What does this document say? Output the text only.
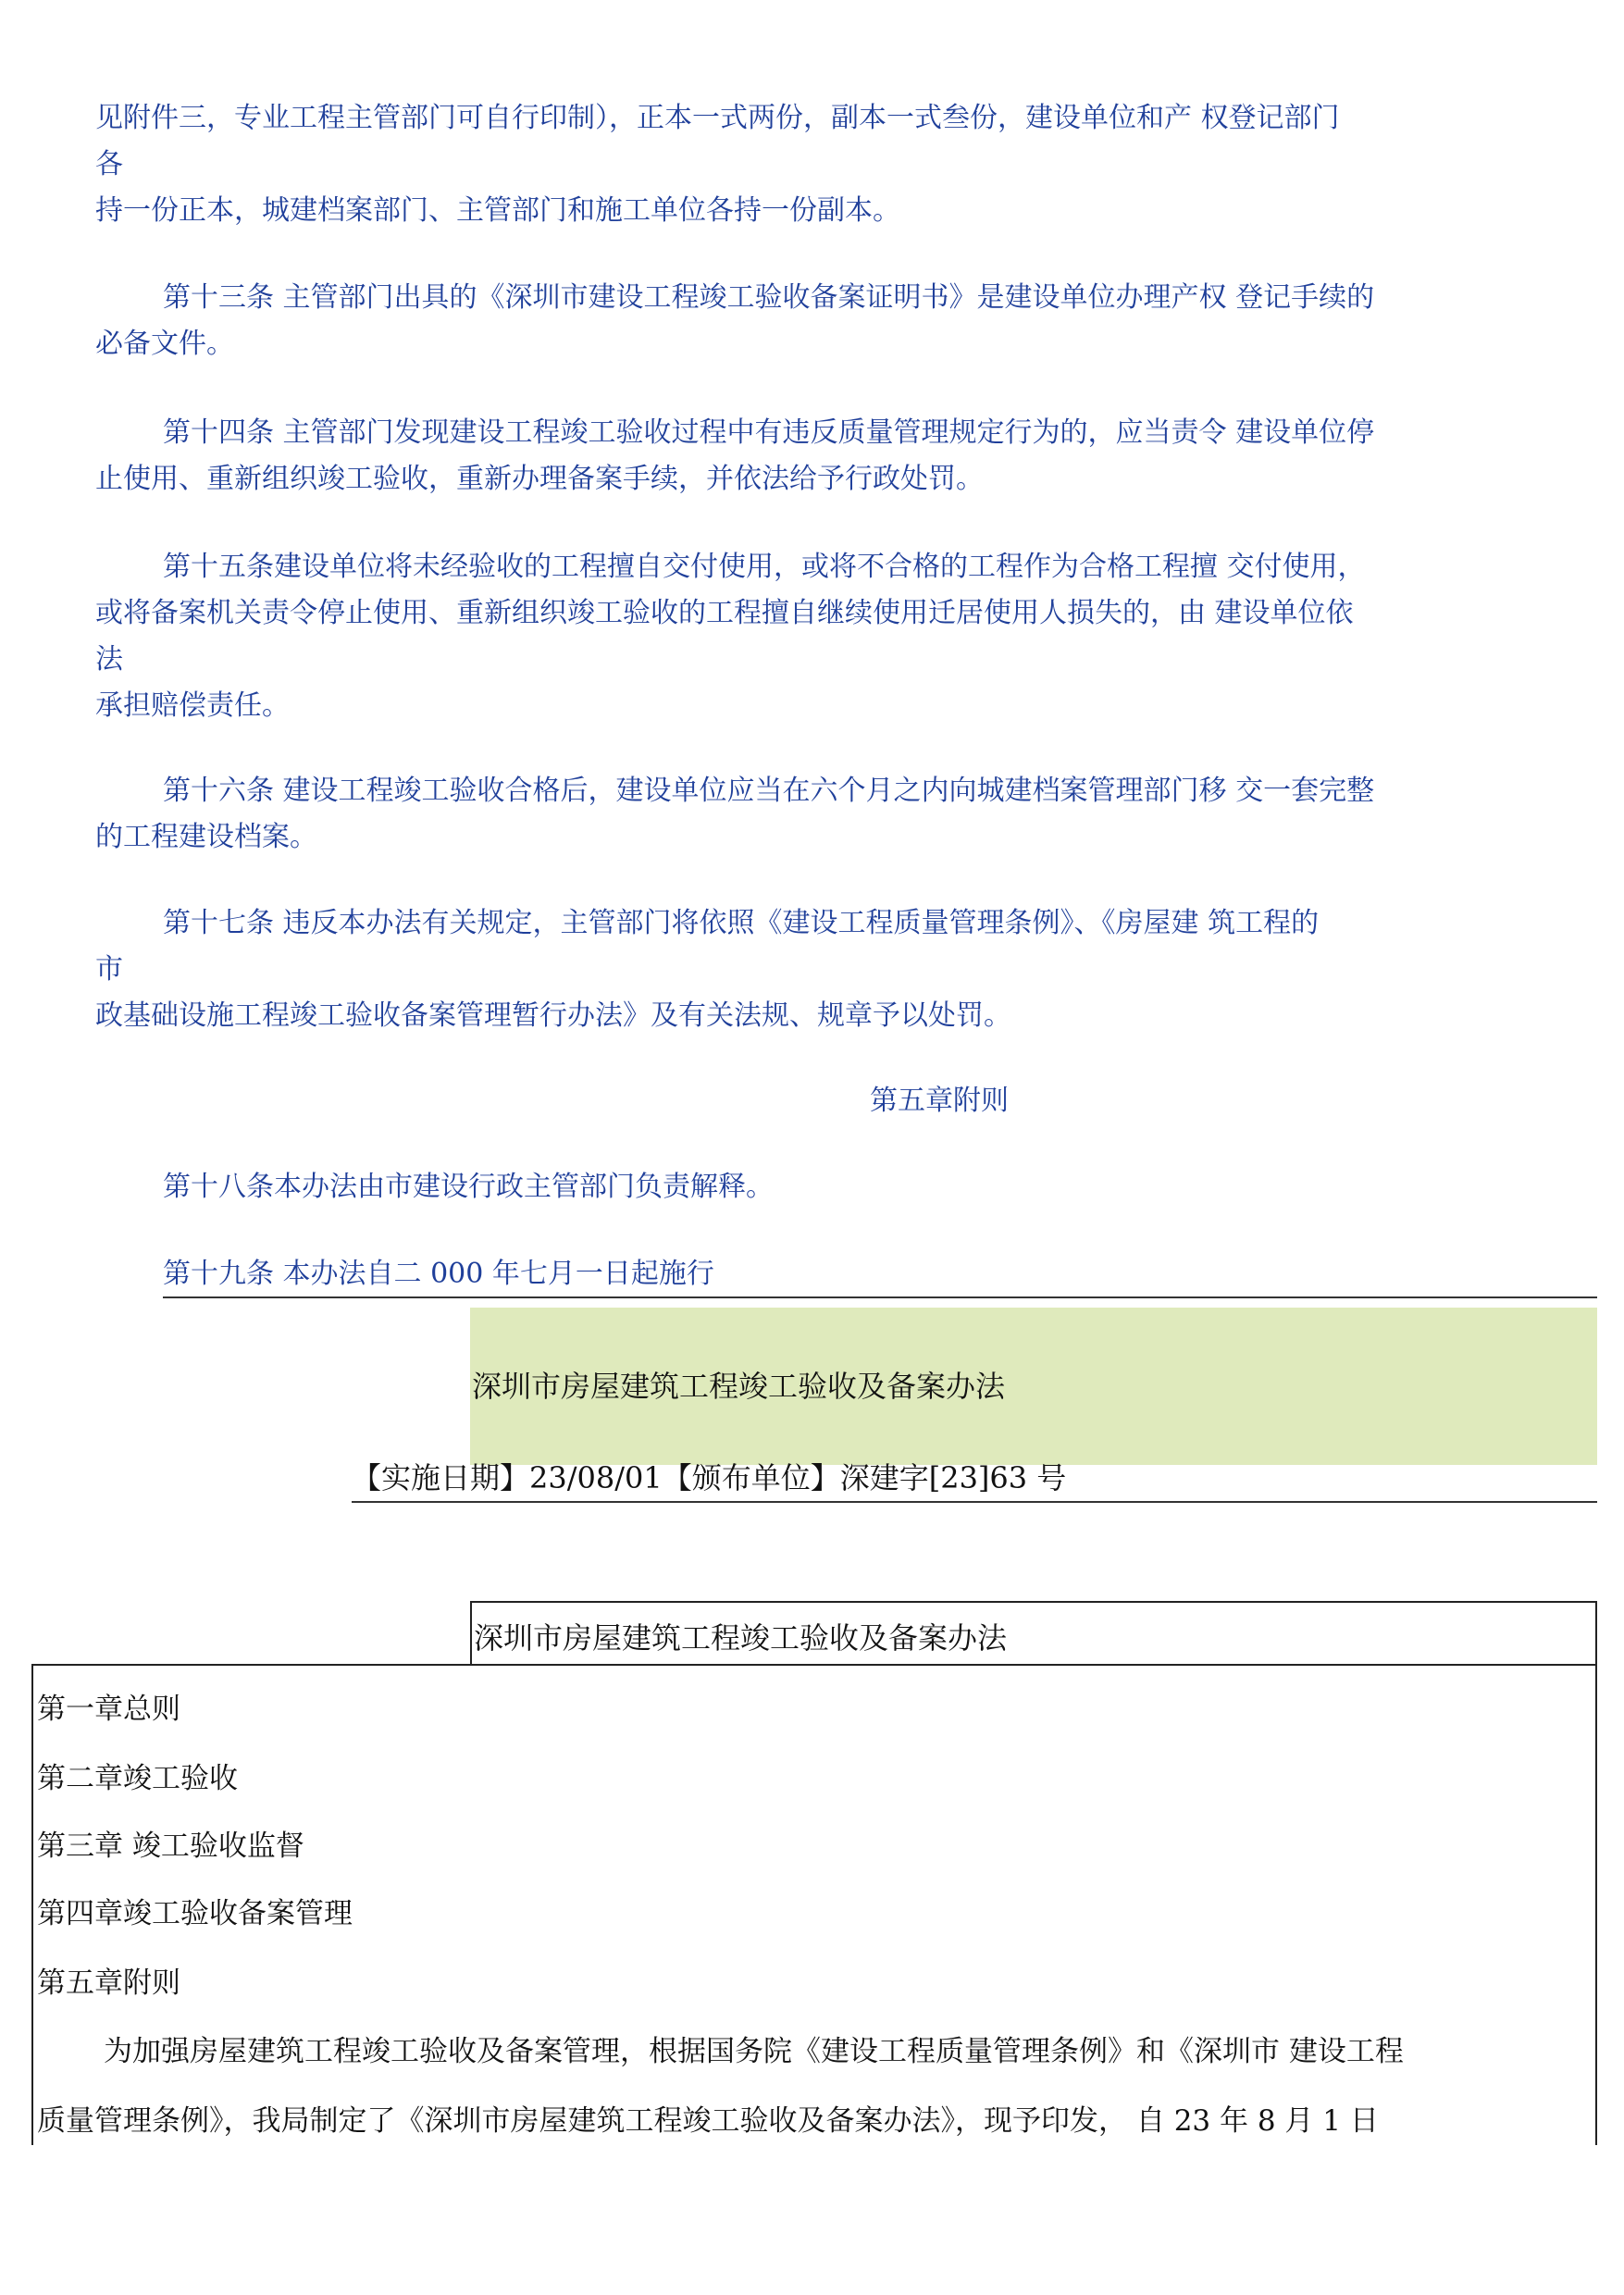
见附件三，专业工程主管部门可自行印制），正本一式两份，副本一式叁份，建设单位和产 权登记部门
各
持一份正本，城建档案部门、主管部门和施工单位各持一份副本。
第十三条 主管部门出具的《深圳市建设工程竣工验收备案证明书》是建设单位办理产权 登记手续的
必备文件。
第十四条 主管部门发现建设工程竣工验收过程中有违反质量管理规定行为的，应当责令 建设单位停
止使用、重新组织竣工验收，重新办理备案手续，并依法给予行政处罚。
第十五条建设单位将未经验收的工程擅自交付使用，或将不合格的工程作为合格工程擅 交付使用，
或将备案机关责令停止使用、重新组织竣工验收的工程擅自继续使用迁居使用人损失的，由 建设单位依
法
承担赔偿责任。
第十六条 建设工程竣工验收合格后，建设单位应当在六个月之内向城建档案管理部门移 交一套完整
的工程建设档案。
第十七条 违反本办法有关规定，主管部门将依照《建设工程质量管理条例》、《房屋建 筑工程的
市
政基础设施工程竣工验收备案管理暂行办法》及有关法规、规章予以处罚。
第五章附则
第十八条本办法由市建设行政主管部门负责解释。
第十九条 本办法自二 000 年七月一日起施行
深圳市房屋建筑工程竣工验收及备案办法
【实施日期】23/08/01【颁布单位】深建字[23]63 号
深圳市房屋建筑工程竣工验收及备案办法
第一章总则
第二章竣工验收
第三章 竣工验收监督
第四章竣工验收备案管理
第五章附则
为加强房屋建筑工程竣工验收及备案管理，根据国务院《建设工程质量管理条例》和《深圳市 建设工程
质量管理条例》，我局制定了《深圳市房屋建筑工程竣工验收及备案办法》，现予印发， 自 23 年 8 月 1 日
